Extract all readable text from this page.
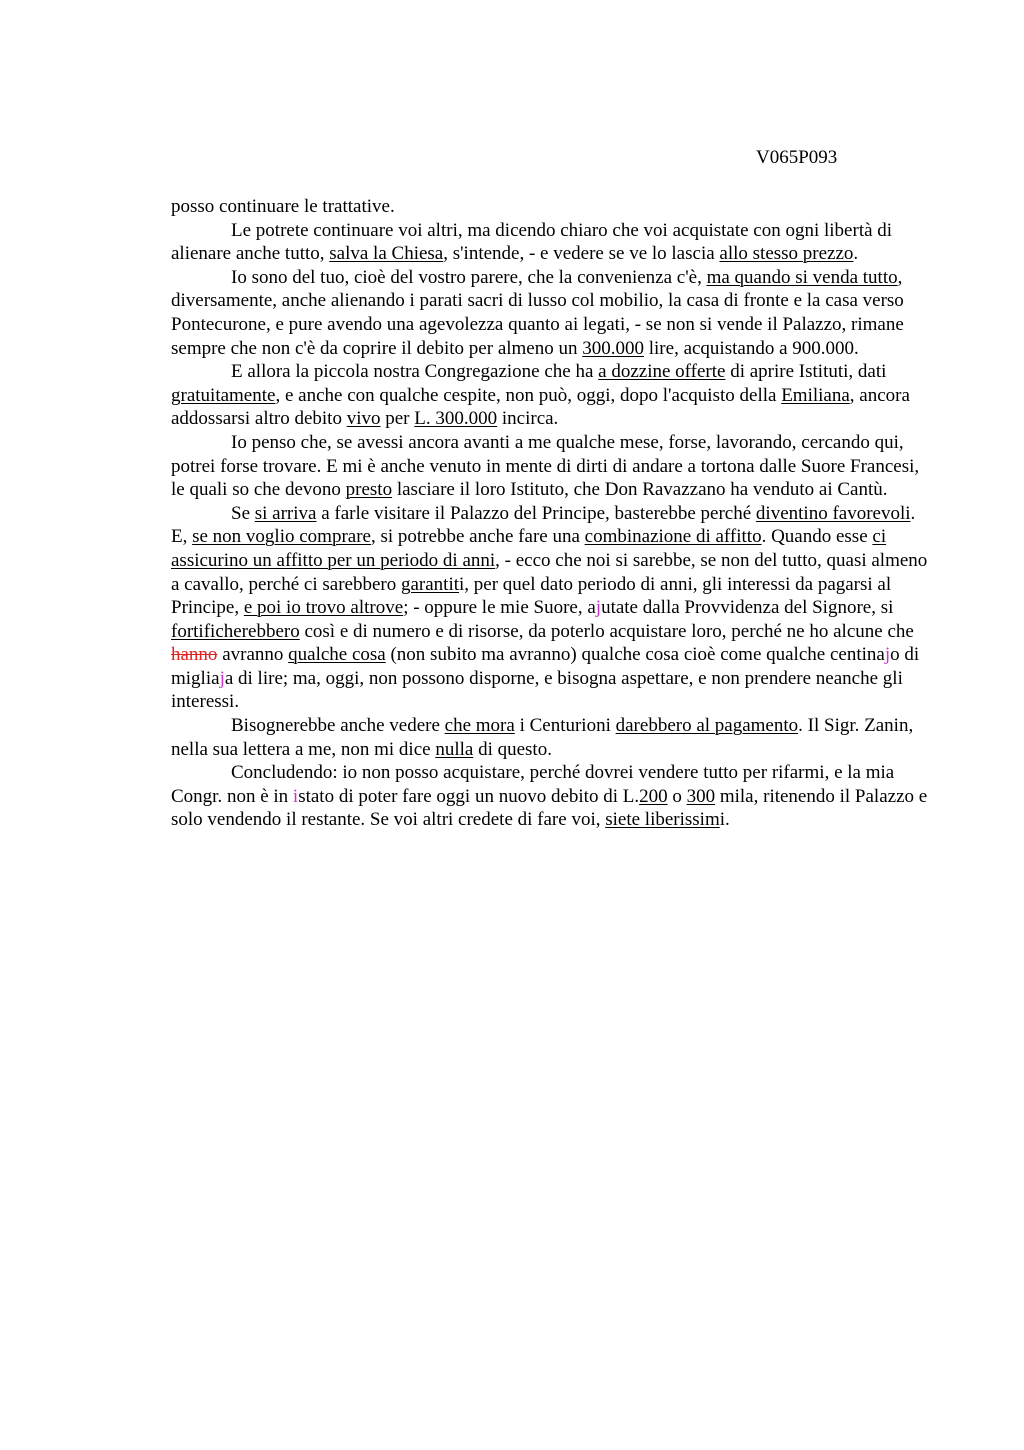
V065P093

posso continuare le trattative.

Le potrete continuare voi altri, ma dicendo chiaro che voi acquistate con ogni libertà di alienare anche tutto, salva la Chiesa, s'intende, - e vedere se ve lo lascia allo stesso prezzo.

Io sono del tuo, cioè del vostro parere, che la convenienza c'è, ma quando si venda tutto, diversamente, anche alienando i parati sacri di lusso col mobilio, la casa di fronte e la casa verso Pontecurone, e pure avendo una agevolezza quanto ai legati, - se non si vende il Palazzo, rimane sempre che non c'è da coprire il debito per almeno un 300.000 lire, acquistando a 900.000.

E allora la piccola nostra Congregazione che ha a dozzine offerte di aprire Istituti, dati gratuitamente, e anche con qualche cespite, non può, oggi, dopo l'acquisto della Emiliana, ancora addossarsi altro debito vivo per L. 300.000 incirca.

Io penso che, se avessi ancora avanti a me qualche mese, forse, lavorando, cercando qui, potrei forse trovare. E mi è anche venuto in mente di dirti di andare a tortona dalle Suore Francesi, le quali so che devono presto lasciare il loro Istituto, che Don Ravazzano ha venduto ai Cantù.

Se si arriva a farle visitare il Palazzo del Principe, basterebbe perché diventino favorevoli. E, se non voglio comprare, si potrebbe anche fare una combinazione di affitto. Quando esse ci assicurino un affitto per un periodo di anni, - ecco che noi si sarebbe, se non del tutto, quasi almeno a cavallo, perché ci sarebbero garantiti, per quel dato periodo di anni, gli interessi da pagarsi al Principe, e poi io trovo altrove; - oppure le mie Suore, ajutate dalla Provvidenza del Signore, si fortificherebbero così e di numero e di risorse, da poterlo acquistare loro, perché ne ho alcune che hanno avranno qualche cosa (non subito ma avranno) qualche cosa cioè come qualche centinajo di migliaja di lire; ma, oggi, non possono disporne, e bisogna aspettare, e non prendere neanche gli interessi.

Bisognerebbe anche vedere che mora i Centurioni darebbero al pagamento. Il Sigr. Zanin, nella sua lettera a me, non mi dice nulla di questo.

Concludendo: io non posso acquistare, perché dovrei vendere tutto per rifarmi, e la mia Congr. non è in istato di poter fare oggi un nuovo debito di L.200 o 300 mila, ritenendo il Palazzo e solo vendendo il restante. Se voi altri credete di fare voi, siete liberissimi.
